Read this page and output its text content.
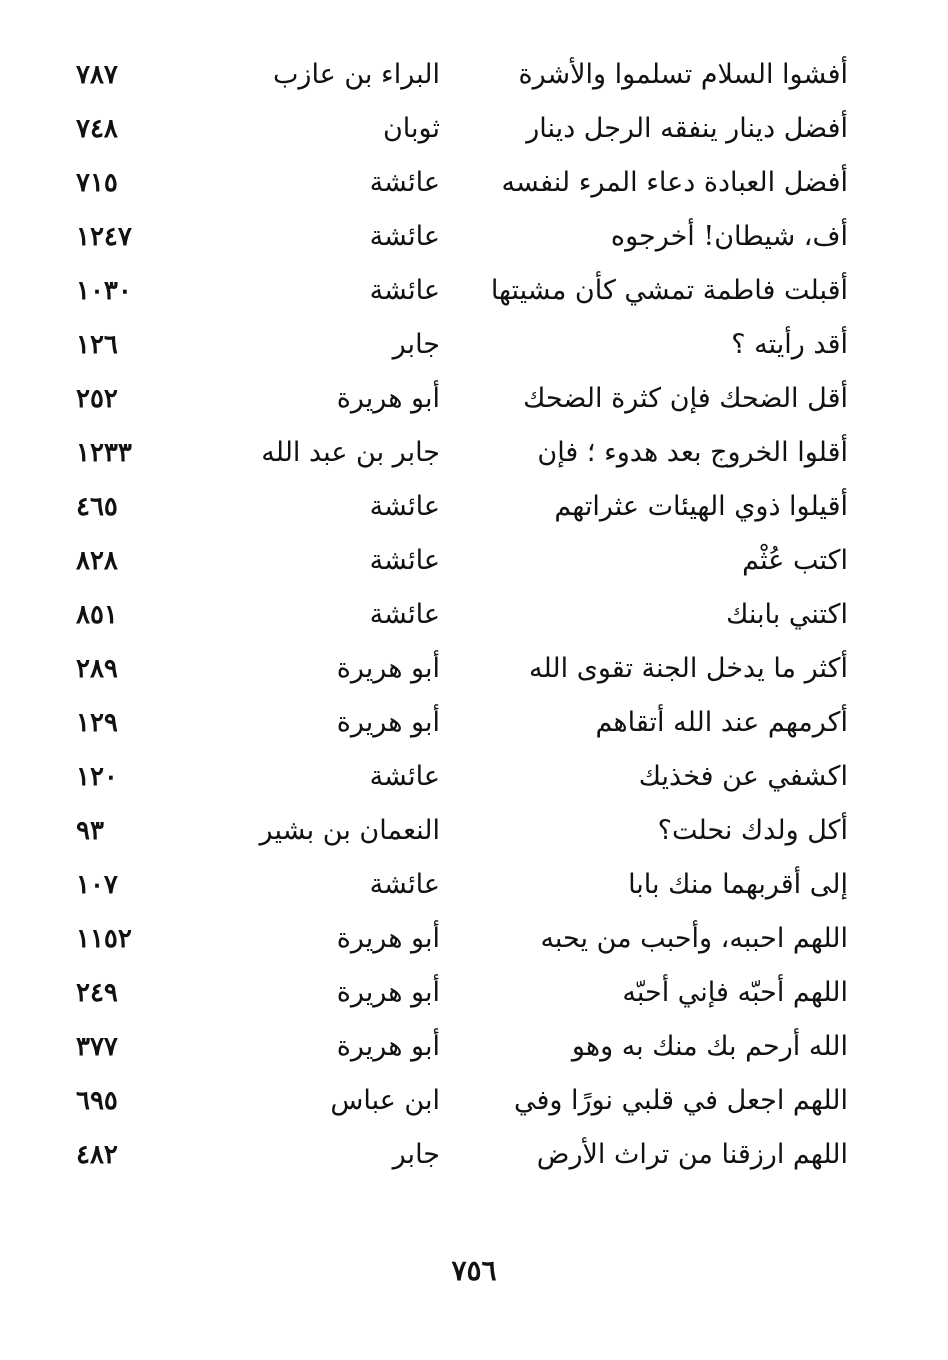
أفشوا السلام تسلموا والأشرة
البراء بن عازب
٧٨٧
أفضل دينار ينفقه الرجل دينار
ثوبان
٧٤٨
أفضل العبادة دعاء المرء لنفسه
عائشة
٧١٥
أف، شيطان! أخرجوه
عائشة
١٢٤٧
أقبلت فاطمة تمشي كأن مشيتها
عائشة
١٠٣٠
أقد رأيته ؟
جابر
١٢٦
أقل الضحك فإن كثرة الضحك
أبو هريرة
٢٥٢
أقلوا الخروج بعد هدوء ؛ فإن
جابر بن عبد الله
١٢٣٣
أقيلوا ذوي الهيئات عثراتهم
عائشة
٤٦٥
اكتب عُثْم
عائشة
٨٢٨
اكتني بابنك
عائشة
٨٥١
أكثر ما يدخل الجنة تقوى الله
أبو هريرة
٢٨٩
أكرمهم عند الله أتقاهم
أبو هريرة
١٢٩
اكشفي عن فخذيك
عائشة
١٢٠
أكل ولدك نحلت؟
النعمان بن بشير
٩٣
إلى أقربهما منك بابا
عائشة
١٠٧
اللهم احببه، وأحبب من يحبه
أبو هريرة
١١٥٢
اللهم أحبّه فإني أحبّه
أبو هريرة
٢٤٩
الله أرحم بك منك به وهو
أبو هريرة
٣٧٧
اللهم اجعل في قلبي نورًا وفي
ابن عباس
٦٩٥
اللهم ارزقنا من تراث الأرض
جابر
٤٨٢
٧٥٦
